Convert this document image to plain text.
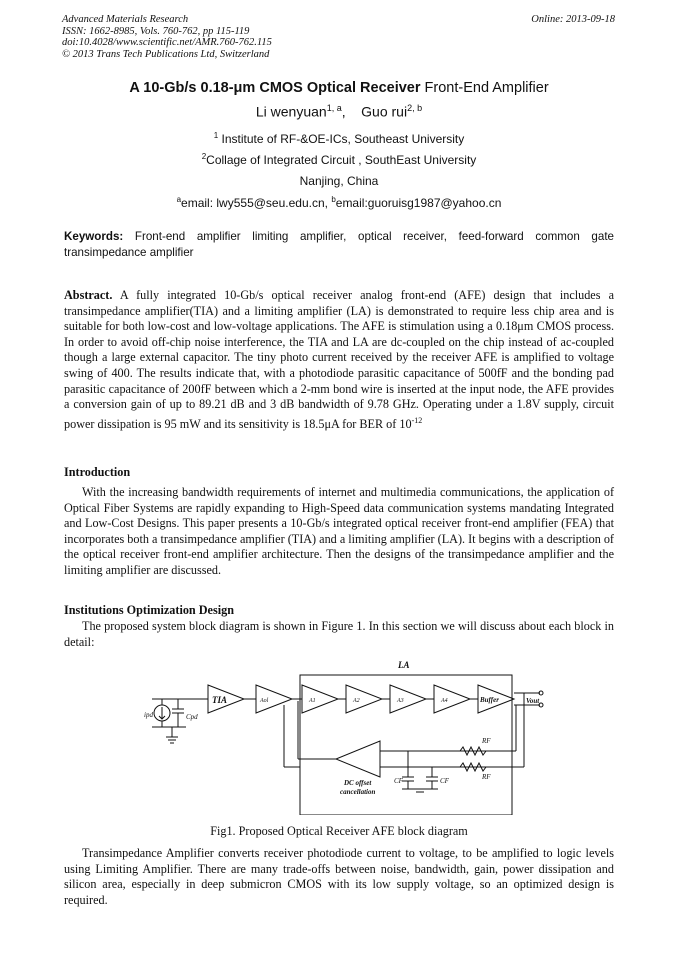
Advanced Materials Research
ISSN: 1662-8985, Vols. 760-762, pp 115-119
doi:10.4028/www.scientific.net/AMR.760-762.115
© 2013 Trans Tech Publications Ltd, Switzerland
Online: 2013-09-18
A 10-Gb/s 0.18-μm CMOS Optical Receiver Front-End Amplifier
Li wenyuan$^{1, a}$,    Guo rui$^{2, b}$
$^1$ Institute of RF-&OE-ICs, Southeast University
$^2$Collage of Integrated Circuit , SouthEast University
Nanjing, China
$^a$email: lwy555@seu.edu.cn, $^b$email:guoruisg1987@yahoo.cn

Keywords: Front-end amplifier limiting amplifier, optical receiver, feed-forward common gate transimpedance amplifier

Abstract. A fully integrated 10-Gb/s optical receiver analog front-end (AFE) design that includes a transimpedance amplifier(TIA) and a limiting amplifier (LA) is demonstrated to require less chip area and is suitable for both low-cost and low-voltage applications. The AFE is stimulation using a 0.18μm CMOS process. In order to avoid off-chip noise interference, the TIA and LA are dc-coupled on the chip instead of ac-coupled though a large external capacitor. The tiny photo current received by the receiver AFE is amplified to voltage swing of 400. The results indicate that, with a photodiode parasitic capacitance of 500fF and the bonding pad parasitic capacitance of 200fF between which a 2-mm bond wire is inserted at the input node, the AFE provides a conversion gain of up to 89.21 dB and 3 dB bandwidth of 9.78 GHz. Operating under a 1.8V supply, circuit power dissipation is 95 mW and its sensitivity is 18.5μA for BER of $10^{-12}$

Introduction

With the increasing bandwidth requirements of internet and multimedia communications, the application of Optical Fiber Systems are rapidly expanding to High-Speed data communication systems mandating Integrated and Low-Cost Designs. This paper presents a 10-Gb/s integrated optical receiver front-end amplifier (FEA) that incorporates both a transimpedance amplifier (TIA) and a limiting amplifier (LA). It begins with a description of the optical receiver front-end amplifier architecture. Then the designs of the transimpedance amplifier and the limiting amplifier are discussed.

Institutions Optimization Design

The proposed system block diagram is shown in Figure 1. In this section we will discuss about each block in detail:

LA
ipd	Cpd
TIA	Aol	A1	A2	A3	A4	Buffer	Vout
RF
RF
CF	CF
DC offset
cancellation
Fig1. Proposed Optical Receiver AFE block diagram

Transimpedance Amplifier converts receiver photodiode current to voltage, to be amplified to logic levels using Limiting Amplifier. There are many trade-offs between noise, bandwidth, gain, power dissipation and silicon area, especially in deep submicron CMOS with its low supply voltage, so an optimized design is required.
